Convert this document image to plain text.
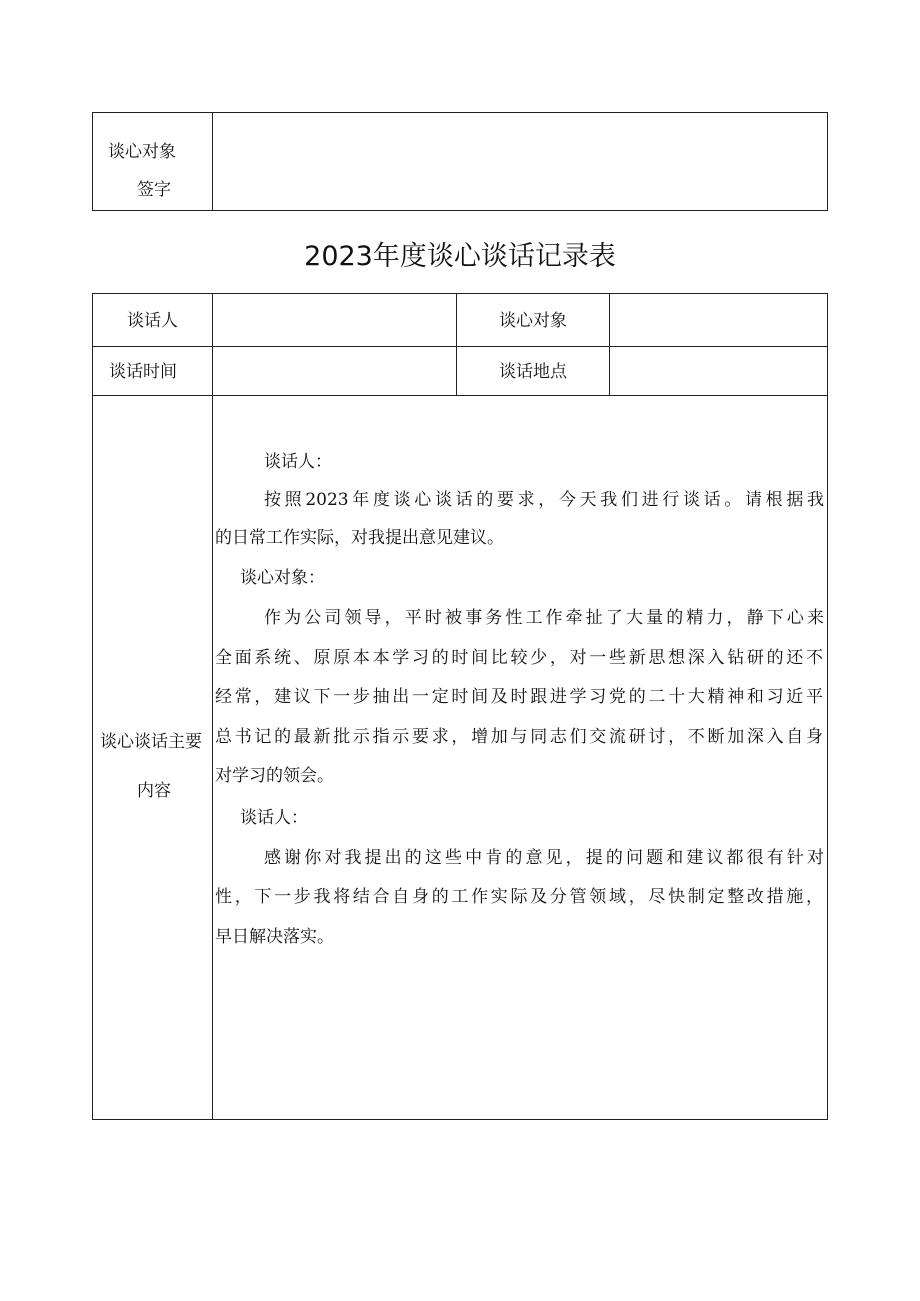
谈心对象
签字
2023年度谈心谈话记录表
谈话人	谈心对象
谈话时间	谈话地点
谈心谈话主要
内容
谈话人：
按照2023年度谈心谈话的要求，今天我们进行谈话。请根据我
的日常工作实际，对我提出意见建议。
谈心对象：
作为公司领导，平时被事务性工作牵扯了大量的精力，静下心来
全面系统、原原本本学习的时间比较少，对一些新思想深入钻研的还不
经常，建议下一步抽出一定时间及时跟进学习党的二十大精神和习近平
总书记的最新批示指示要求，增加与同志们交流研讨，不断加深入自身
对学习的领会。
谈话人：
感谢你对我提出的这些中肯的意见，提的问题和建议都很有针对
性，下一步我将结合自身的工作实际及分管领域，尽快制定整改措施，
早日解决落实。
